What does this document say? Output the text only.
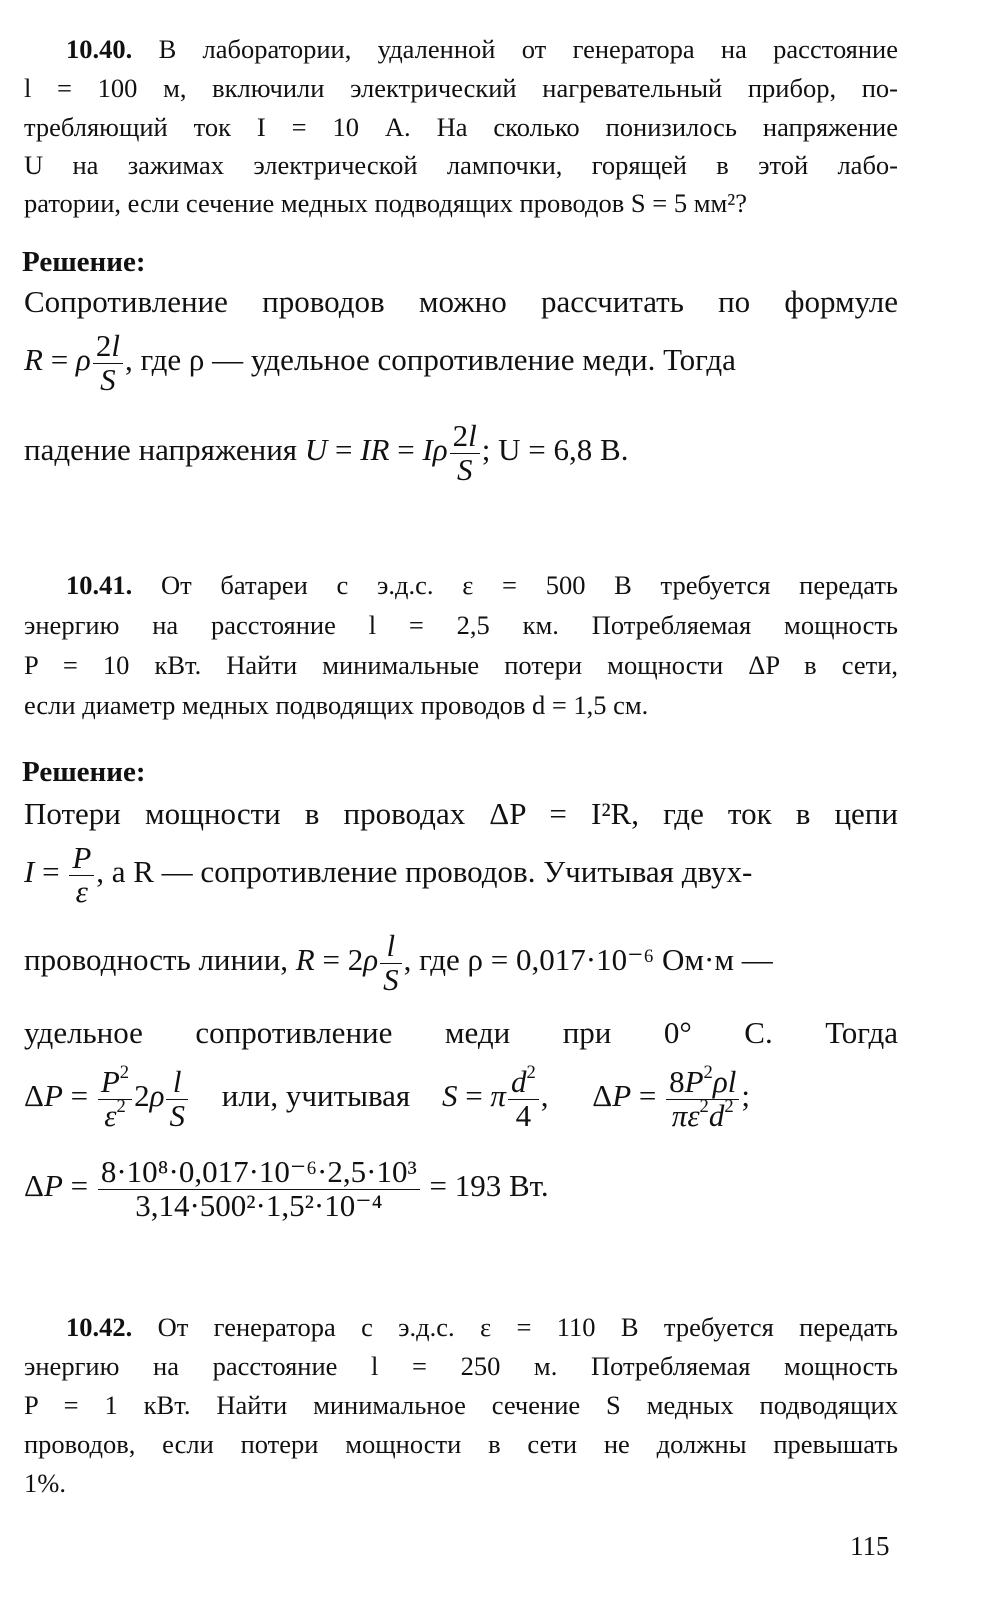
10.40. В лаборатории, удаленной от генератора на расстояние
l = 100 м, включили электрический нагревательный прибор, по-
требляющий ток I = 10 А. На сколько понизилось напряжение
U на зажимах электрической лампочки, горящей в этой лабо-
ратории, если сечение медных подводящих проводов S = 5 мм²?
Решение:
Сопротивление проводов можно рассчитать по формуле
R = ρ $\frac{2l}{S}$ , где ρ — удельное сопротивление меди. Тогда
падение напряжения U = IR = Iρ $\frac{2l}{S}$ ; U = 6,8 В.
10.41. От батареи с э.д.с. ε = 500 В требуется передать
энергию на расстояние l = 2,5 км. Потребляемая мощность
P = 10 кВт. Найти минимальные потери мощности ΔP в сети,
если диаметр медных подводящих проводов d = 1,5 см.
Решение:
Потери мощности в проводах ΔP = I²R, где ток в цепи
$I = \frac{P}{\varepsilon}$ , а R — сопротивление проводов. Учитывая двух-
проводность линии, $R = 2\rho \frac{l}{S}$ , где ρ = 0,017·10⁻⁶ Ом·м —
удельное сопротивление меди при 0° С. Тогда
$\Delta P = \frac{P^2}{\varepsilon^2} 2\rho \frac{l}{S}$ или, учитывая S = π $\frac{d^2}{4}$ , $\Delta P = \frac{8P^2\rho l}{\pi\varepsilon^2d^2}$ ;
$\Delta P = \frac{\text{8·10⁸·0,017·10⁻⁶·2,5·10³}}{\text{3,14·500²·1,5²·10⁻⁴}} = 193$ Вт.
10.42. От генератора с э.д.с. ε = 110 В требуется передать
энергию на расстояние l = 250 м. Потребляемая мощность
P = 1 кВт. Найти минимальное сечение S медных подводящих
проводов, если потери мощности в сети не должны превышать
1%.
115
